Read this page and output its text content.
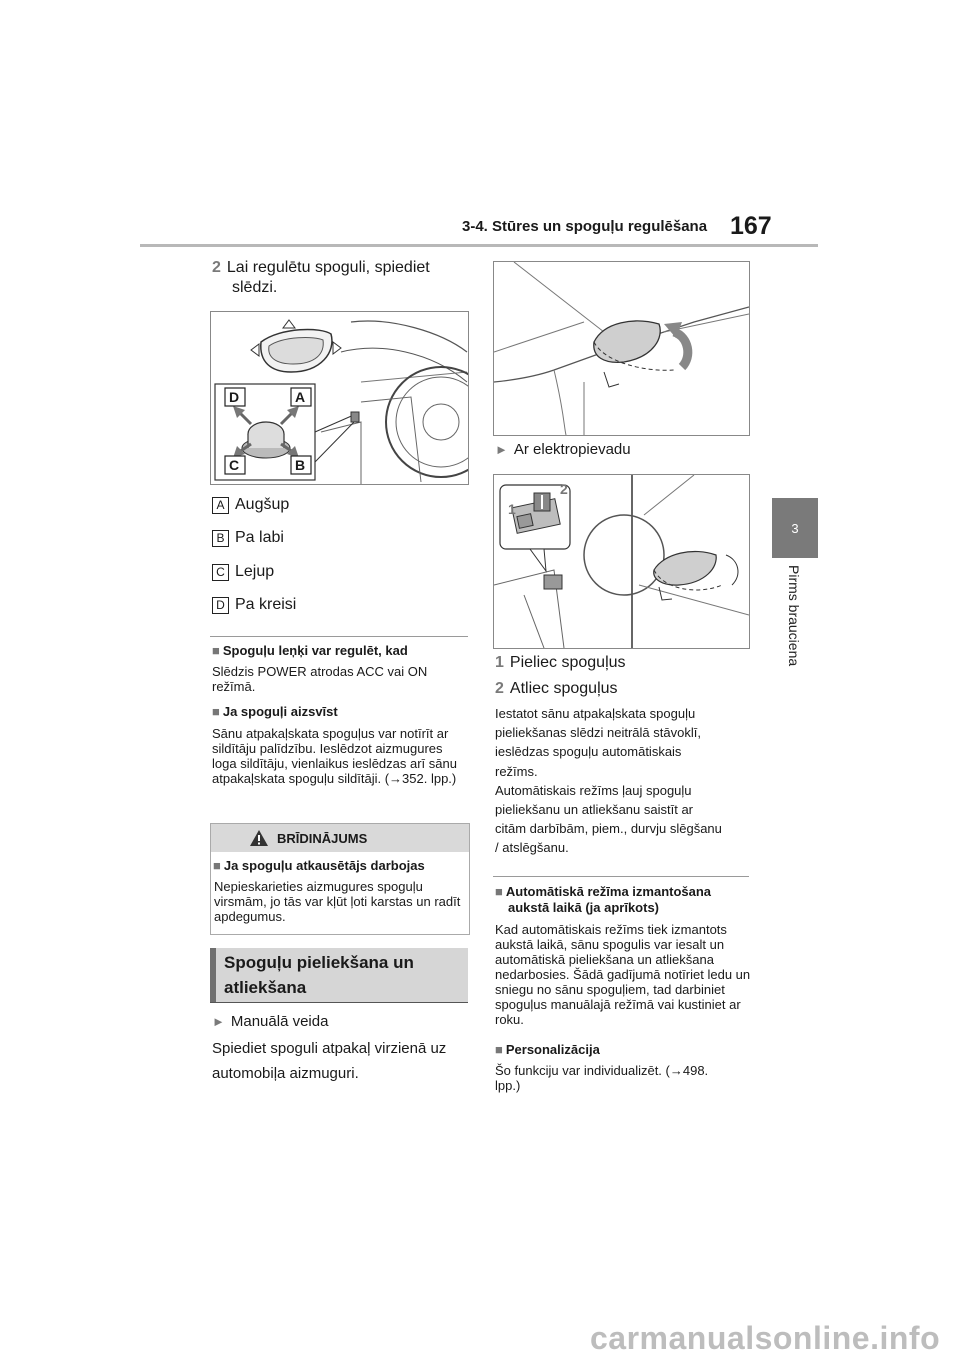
3-4. Stūres un spoguļu regulēšana 167
3
Pirms brauciena
2 Lai regulētu spoguli, spiediet
slēdzi.
D	A
C	B
A Augšup
B Pa labi
C Lejup
D Pa kreisi
■ Spoguļu leņķi var regulēt, kad
Slēdzis POWER atrodas ACC vai ON režīmā.
■ Ja spoguļi aizsvīst
Sānu atpakaļskata spoguļus var notīrīt ar sildītāju palīdzību. Ieslēdzot aizmugures loga sildītāju, vienlaikus ieslēdzas arī sānu atpakaļskata spoguļu sildītāji. (→352. lpp.)
BRĪDINĀJUMS
■ Ja spoguļu atkausētājs darbojas
Nepieskarieties aizmugures spoguļu virsmām, jo tās var kļūt ļoti karstas un radīt apdegumus.
Spoguļu pieliekšana un
atliekšana
► Manuālā veida
Spiediet spoguli atpakaļ virzienā uz
automobiļa aizmuguri.
► Ar elektropievadu
1
2
1 Pieliec spoguļus
2 Atliec spoguļus
Iestatot sānu atpakaļskata spoguļu
pieliekšanas slēdzi neitrālā stāvoklī,
ieslēdzas spoguļu automātiskais
režīms.
Automātiskais režīms ļauj spoguļu
pieliekšanu un atliekšanu saistīt ar
citām darbībām, piem., durvju slēgšanu
/ atslēgšanu.
■ Automātiskā režīma izmantošana
aukstā laikā (ja aprīkots)
Kad automātiskais režīms tiek izmantots aukstā laikā, sānu spogulis var iesalt un automātiskā pieliekšana un atliekšana nedarbosies. Šādā gadījumā notīriet ledu un sniegu no sānu spoguļiem, tad darbiniet spoguļus manuālajā režīmā vai kustiniet ar roku.
■ Personalizācija
Šo funkciju var individualizēt. (→498. lpp.)
carmanualsonline.info
